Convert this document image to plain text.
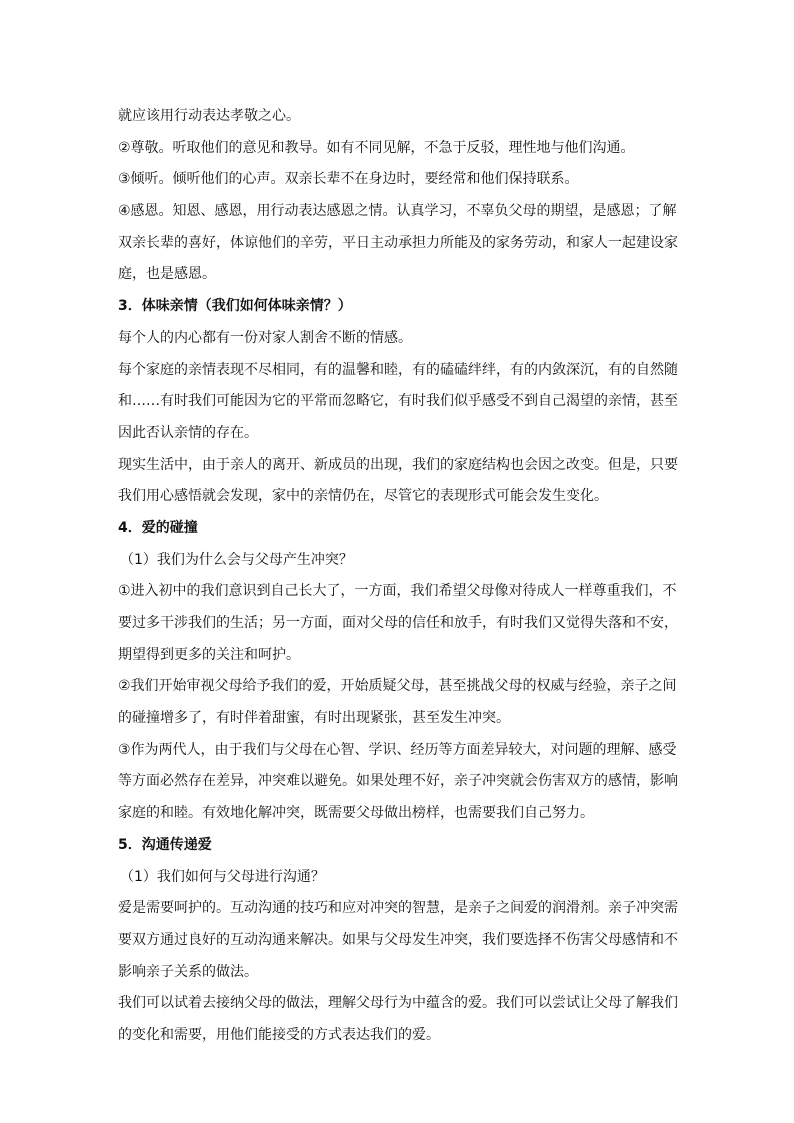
就应该用行动表达孝敬之心。
②尊敬。听取他们的意见和教导。如有不同见解，不急于反驳，理性地与他们沟通。
③倾听。倾听他们的心声。双亲长辈不在身边时，要经常和他们保持联系。
④感恩。知恩、感恩，用行动表达感恩之情。认真学习，不辜负父母的期望，是感恩；了解
双亲长辈的喜好，体谅他们的辛劳，平日主动承担力所能及的家务劳动，和家人一起建设家
庭，也是感恩。
3．体味亲情（我们如何体味亲情？）
每个人的内心都有一份对家人割舍不断的情感。
每个家庭的亲情表现不尽相同，有的温馨和睦，有的磕磕绊绊，有的内敛深沉，有的自然随
和……有时我们可能因为它的平常而忽略它，有时我们似乎感受不到自己渴望的亲情，甚至
因此否认亲情的存在。
现实生活中，由于亲人的离开、新成员的出现，我们的家庭结构也会因之改变。但是，只要
我们用心感悟就会发现，家中的亲情仍在，尽管它的表现形式可能会发生变化。
4．爱的碰撞
（1）我们为什么会与父母产生冲突？
①进入初中的我们意识到自己长大了，一方面，我们希望父母像对待成人一样尊重我们，不
要过多干涉我们的生活；另一方面，面对父母的信任和放手，有时我们又觉得失落和不安，
期望得到更多的关注和呵护。
②我们开始审视父母给予我们的爱，开始质疑父母，甚至挑战父母的权威与经验，亲子之间
的碰撞增多了，有时伴着甜蜜，有时出现紧张，甚至发生冲突。
③作为两代人，由于我们与父母在心智、学识、经历等方面差异较大，对问题的理解、感受
等方面必然存在差异，冲突难以避免。如果处理不好，亲子冲突就会伤害双方的感情，影响
家庭的和睦。有效地化解冲突，既需要父母做出榜样，也需要我们自己努力。
5．沟通传递爱
（1）我们如何与父母进行沟通？
爱是需要呵护的。互动沟通的技巧和应对冲突的智慧，是亲子之间爱的润滑剂。亲子冲突需
要双方通过良好的互动沟通来解决。如果与父母发生冲突，我们要选择不伤害父母感情和不
影响亲子关系的做法。
我们可以试着去接纳父母的做法，理解父母行为中蕴含的爱。我们可以尝试让父母了解我们
的变化和需要，用他们能接受的方式表达我们的爱。
